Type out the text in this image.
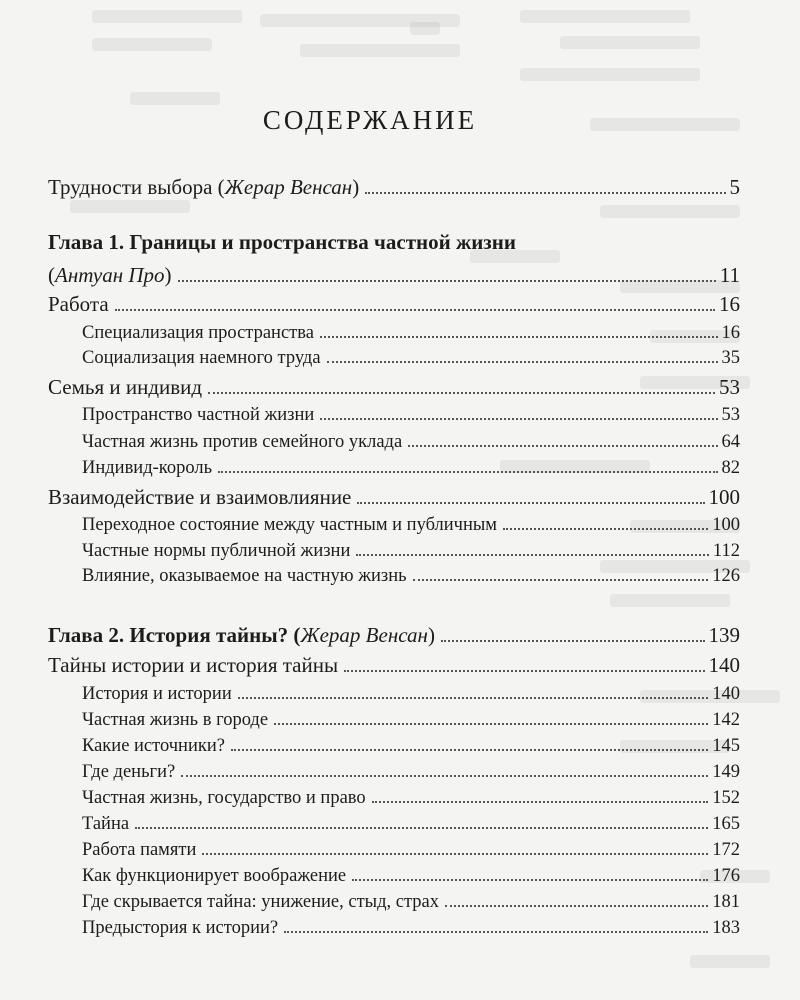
СОДЕРЖАНИЕ
Трудности выбора (Жерар Венсан)	5
Глава 1. Границы и пространства частной жизни
(Антуан Про)	11
Работа	16
Специализация пространства	16
Социализация наемного труда	35
Семья и индивид	53
Пространство частной жизни	53
Частная жизнь против семейного уклада	64
Индивид-король	82
Взаимодействие и взаимовлияние	100
Переходное состояние между частным и публичным	100
Частные нормы публичной жизни	112
Влияние, оказываемое на частную жизнь	126
Глава 2. История тайны? (Жерар Венсан)	139
Тайны истории и история тайны	140
История и истории	140
Частная жизнь в городе	142
Какие источники?	145
Где деньги?	149
Частная жизнь, государство и право	152
Тайна	165
Работа памяти	172
Как функционирует воображение	176
Где скрывается тайна: унижение, стыд, страх	181
Предыстория к истории?	183
